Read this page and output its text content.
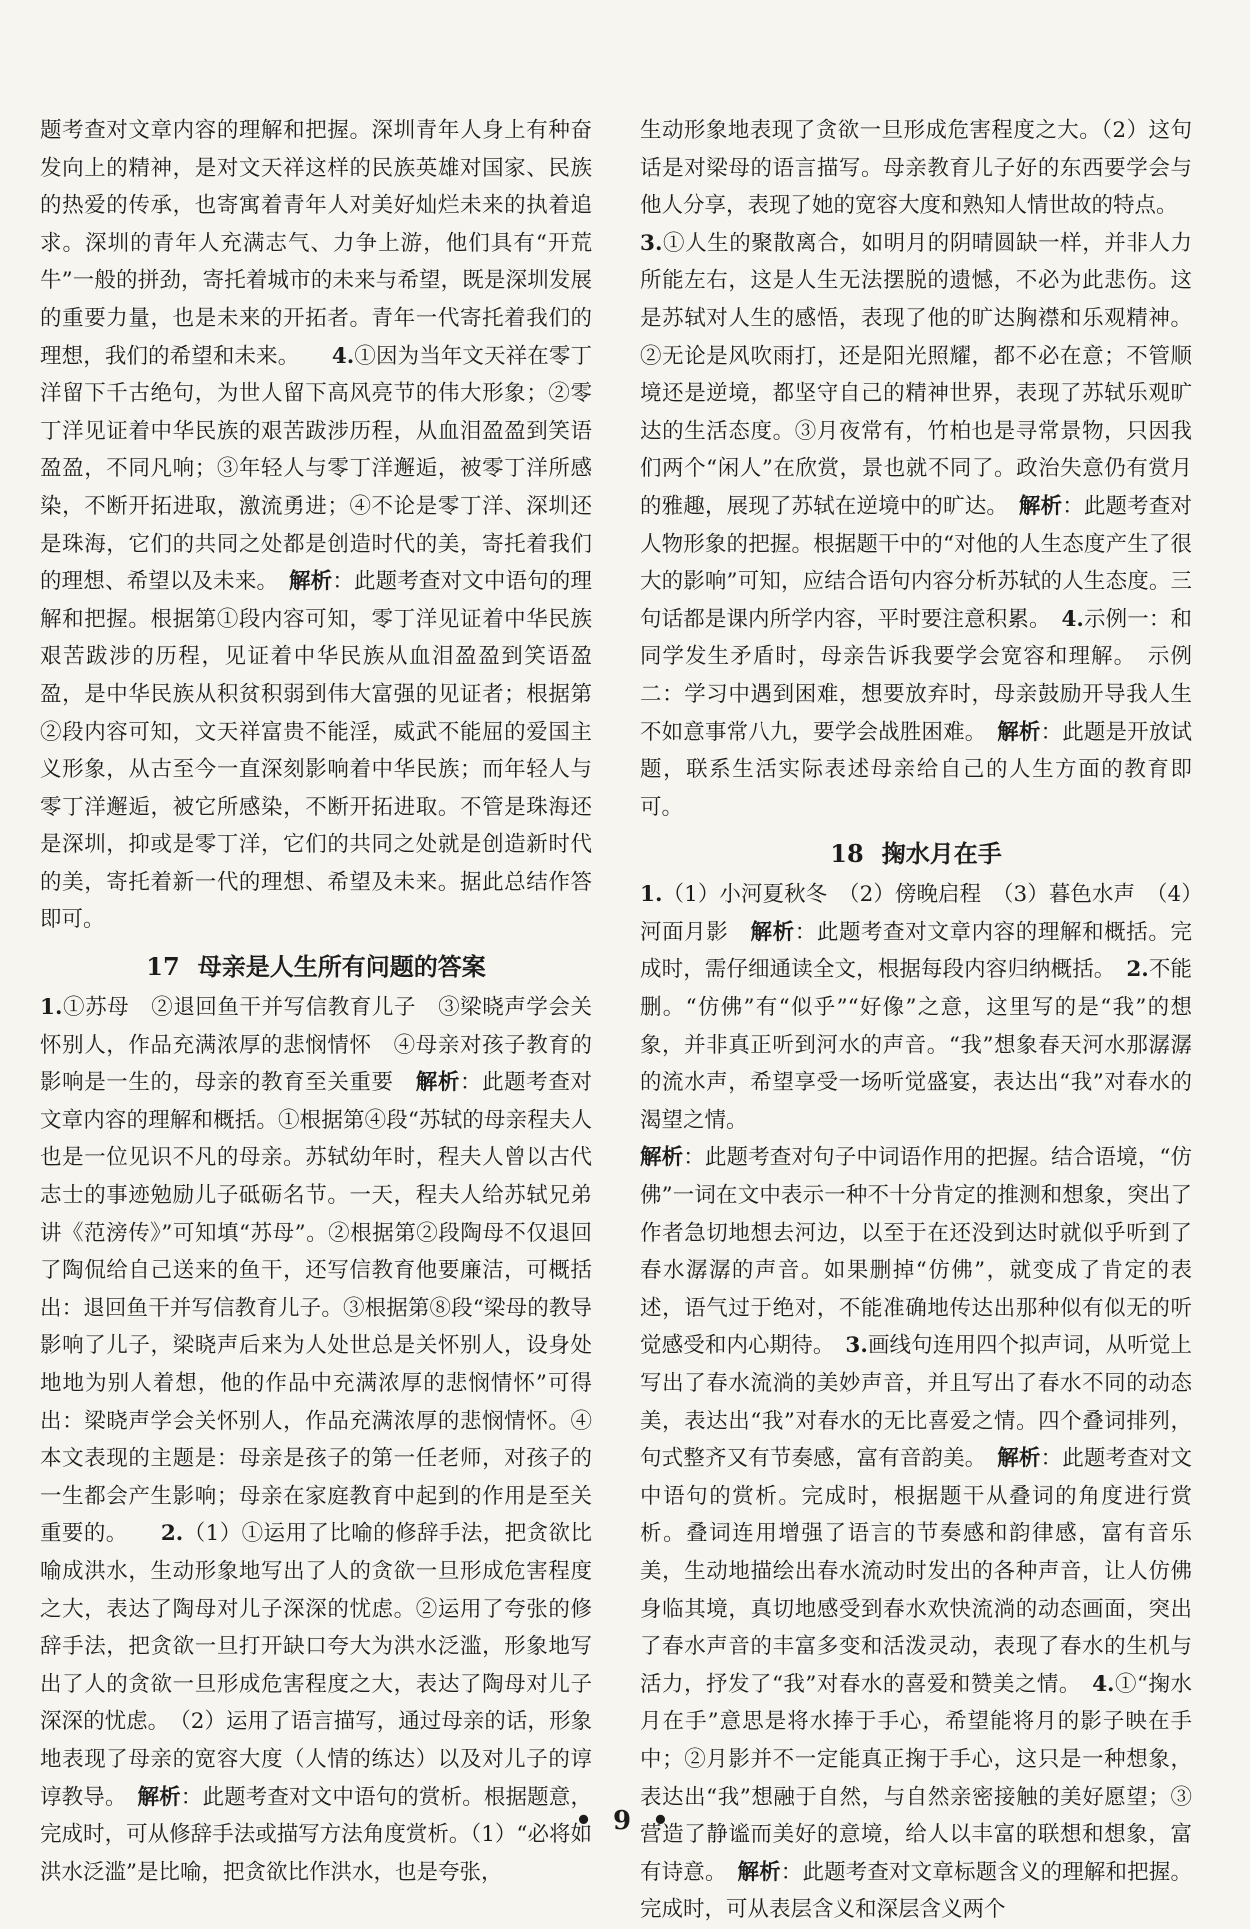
题考查对文章内容的理解和把握。深圳青年人身上有种奋发向上的精神，是对文天祥这样的民族英雄对国家、民族的热爱的传承，也寄寓着青年人对美好灿烂未来的执着追求。深圳的青年人充满志气、力争上游，他们具有“开荒牛”一般的拼劲，寄托着城市的未来与希望，既是深圳发展的重要力量，也是未来的开拓者。青年一代寄托着我们的理想，我们的希望和未来。　　 4.①因为当年文天祥在零丁洋留下千古绝句，为世人留下高风亮节的伟大形象；②零丁洋见证着中华民族的艰苦跋涉历程，从血泪盈盈到笑语盈盈，不同凡响；③年轻人与零丁洋邂逅，被零丁洋所感染，不断开拓进取，激流勇进；④不论是零丁洋、深圳还是珠海，它们的共同之处都是创造时代的美，寄托着我们的理想、希望以及未来。　 解析：此题考查对文中语句的理解和把握。根据第①段内容可知，零丁洋见证着中华民族艰苦跋涉的历程，见证着中华民族从血泪盈盈到笑语盈盈，是中华民族从积贫积弱到伟大富强的见证者；根据第②段内容可知，文天祥富贵不能淫，威武不能屈的爱国主义形象，从古至今一直深刻影响着中华民族；而年轻人与零丁洋邂逅，被它所感染，不断开拓进取。不管是珠海还是深圳，抑或是零丁洋，它们的共同之处就是创造新时代的美，寄托着新一代的理想、希望及未来。据此总结作答即可。

17 母亲是人生所有问题的答案

1.①苏母　②退回鱼干并写信教育儿子　③梁晓声学会关怀别人，作品充满浓厚的悲悯情怀　④母亲对孩子教育的影响是一生的，母亲的教育至关重要　 解析：此题考查对文章内容的理解和概括。①根据第④段“苏轼的母亲程夫人也是一位见识不凡的母亲。苏轼幼年时，程夫人曾以古代志士的事迹勉励儿子砥砺名节。一天，程夫人给苏轼兄弟讲《范滂传》”可知填“苏母”。②根据第②段陶母不仅退回了陶侃给自己送来的鱼干，还写信教育他要廉洁，可概括出：退回鱼干并写信教育儿子。③根据第⑧段“梁母的教导影响了儿子，梁晓声后来为人处世总是关怀别人，设身处地地为别人着想，他的作品中充满浓厚的悲悯情怀”可得出：梁晓声学会关怀别人，作品充满浓厚的悲悯情怀。④本文表现的主题是：母亲是孩子的第一任老师，对孩子的一生都会产生影响；母亲在家庭教育中起到的作用是至关重要的。　　 2.（1）①运用了比喻的修辞手法，把贪欲比喻成洪水，生动形象地写出了人的贪欲一旦形成危害程度之大，表达了陶母对儿子深深的忧虑。②运用了夸张的修辞手法，把贪欲一旦打开缺口夸大为洪水泛滥，形象地写出了人的贪欲一旦形成危害程度之大，表达了陶母对儿子深深的忧虑。　（2）运用了语言描写，通过母亲的话，形象地表现了母亲的宽容大度（人情的练达）以及对儿子的谆谆教导。　 解析：此题考查对文中语句的赏析。根据题意，完成时，可从修辞手法或描写方法角度赏析。（1）“必将如洪水泛滥”是比喻，把贪欲比作洪水，也是夸张，

生动形象地表现了贪欲一旦形成危害程度之大。（2）这句话是对梁母的语言描写。母亲教育儿子好的东西要学会与他人分享，表现了她的宽容大度和熟知人情世故的特点。

3.①人生的聚散离合，如明月的阴晴圆缺一样，并非人力所能左右，这是人生无法摆脱的遗憾，不必为此悲伤。这是苏轼对人生的感悟，表现了他的旷达胸襟和乐观精神。②无论是风吹雨打，还是阳光照耀，都不必在意；不管顺境还是逆境，都坚守自己的精神世界，表现了苏轼乐观旷达的生活态度。③月夜常有，竹柏也是寻常景物，只因我们两个“闲人”在欣赏，景也就不同了。政治失意仍有赏月的雅趣，展现了苏轼在逆境中的旷达。　 解析：此题考查对人物形象的把握。根据题干中的“对他的人生态度产生了很大的影响”可知，应结合语句内容分析苏轼的人生态度。三句话都是课内所学内容，平时要注意积累。　 4.示例一：和同学发生矛盾时，母亲告诉我要学会宽容和理解。　示例二：学习中遇到困难，想要放弃时，母亲鼓励开导我人生不如意事常八九，要学会战胜困难。　 解析：此题是开放试题，联系生活实际表述母亲给自己的人生方面的教育即可。

18 掬水月在手

1.（1）小河夏秋冬　（2）傍晚启程　（3）暮色水声　（4）河面月影　 解析：此题考查对文章内容的理解和概括。完成时，需仔细通读全文，根据每段内容归纳概括。　 2.不能删。“仿佛”有“似乎”“好像”之意，这里写的是“我”的想象，并非真正听到河水的声音。“我”想象春天河水那潺潺的流水声，希望享受一场听觉盛宴，表达出“我”对春水的渴望之情。

解析：此题考查对句子中词语作用的把握。结合语境，“仿佛”一词在文中表示一种不十分肯定的推测和想象，突出了作者急切地想去河边，以至于在还没到达时就似乎听到了春水潺潺的声音。如果删掉“仿佛”，就变成了肯定的表述，语气过于绝对，不能准确地传达出那种似有似无的听觉感受和内心期待。　 3.画线句连用四个拟声词，从听觉上写出了春水流淌的美妙声音，并且写出了春水不同的动态美，表达出“我”对春水的无比喜爱之情。四个叠词排列，句式整齐又有节奏感，富有音韵美。　 解析：此题考查对文中语句的赏析。完成时，根据题干从叠词的角度进行赏析。叠词连用增强了语言的节奏感和韵律感，富有音乐美，生动地描绘出春水流动时发出的各种声音，让人仿佛身临其境，真切地感受到春水欢快流淌的动态画面，突出了春水声音的丰富多变和活泼灵动，表现了春水的生机与活力，抒发了“我”对春水的喜爱和赞美之情。　 4.①“掬水月在手”意思是将水捧于手心，希望能将月的影子映在手中；②月影并不一定能真正掬于手心，这只是一种想象，表达出“我”想融于自然，与自然亲密接触的美好愿望；③营造了静谧而美好的意境，给人以丰富的联想和想象，富有诗意。　 解析：此题考查对文章标题含义的理解和把握。完成时，可从表层含义和深层含义两个

• 9 •
